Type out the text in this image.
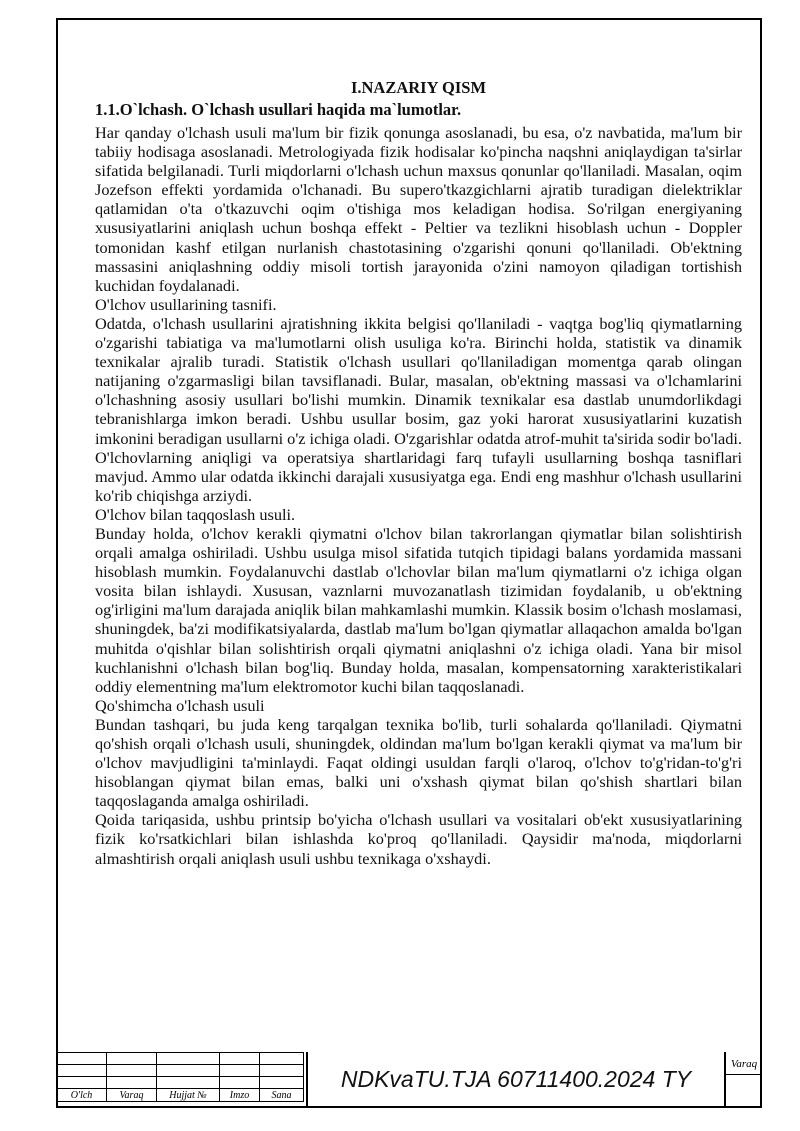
I.NAZARIY QISM

1.1.O`lchash. O`lchash usullari haqida ma`lumotlar.

Har qanday o'lchash usuli ma'lum bir fizik qonunga asoslanadi, bu esa, o'z navbatida, ma'lum bir tabiiy hodisaga asoslanadi. Metrologiyada fizik hodisalar ko'pincha naqshni aniqlaydigan ta'sirlar sifatida belgilanadi. Turli miqdorlarni o'lchash uchun maxsus qonunlar qo'llaniladi. Masalan, oqim Jozefson effekti yordamida o'lchanadi. Bu supero'tkazgichlarni ajratib turadigan dielektriklar qatlamidan o'ta o'tkazuvchi oqim o'tishiga mos keladigan hodisa. So'rilgan energiyaning xususiyatlarini aniqlash uchun boshqa effekt - Peltier va tezlikni hisoblash uchun - Doppler tomonidan kashf etilgan nurlanish chastotasining o'zgarishi qonuni qo'llaniladi. Ob'ektning massasini aniqlashning oddiy misoli tortish jarayonida o'zini namoyon qiladigan tortishish kuchidan foydalanadi.

O'lchov usullarining tasnifi.

Odatda, o'lchash usullarini ajratishning ikkita belgisi qo'llaniladi - vaqtga bog'liq qiymatlarning o'zgarishi tabiatiga va ma'lumotlarni olish usuliga ko'ra. Birinchi holda, statistik va dinamik texnikalar ajralib turadi. Statistik o'lchash usullari qo'llaniladigan momentga qarab olingan natijaning o'zgarmasligi bilan tavsiflanadi. Bular, masalan, ob'ektning massasi va o'lchamlarini o'lchashning asosiy usullari bo'lishi mumkin. Dinamik texnikalar esa dastlab unumdorlikdagi tebranishlarga imkon beradi. Ushbu usullar bosim, gaz yoki harorat xususiyatlarini kuzatish imkonini beradigan usullarni o'z ichiga oladi. O'zgarishlar odatda atrof-muhit ta'sirida sodir bo'ladi. O'lchovlarning aniqligi va operatsiya shartlaridagi farq tufayli usullarning boshqa tasniflari mavjud. Ammo ular odatda ikkinchi darajali xususiyatga ega. Endi eng mashhur o'lchash usullarini ko'rib chiqishga arziydi.

O'lchov bilan taqqoslash usuli.

Bunday holda, o'lchov kerakli qiymatni o'lchov bilan takrorlangan qiymatlar bilan solishtirish orqali amalga oshiriladi. Ushbu usulga misol sifatida tutqich tipidagi balans yordamida massani hisoblash mumkin. Foydalanuvchi dastlab o'lchovlar bilan ma'lum qiymatlarni o'z ichiga olgan vosita bilan ishlaydi. Xususan, vaznlarni muvozanatlash tizimidan foydalanib, u ob'ektning og'irligini ma'lum darajada aniqlik bilan mahkamlashi mumkin. Klassik bosim o'lchash moslamasi, shuningdek, ba'zi modifikatsiyalarda, dastlab ma'lum bo'lgan qiymatlar allaqachon amalda bo'lgan muhitda o'qishlar bilan solishtirish orqali qiymatni aniqlashni o'z ichiga oladi. Yana bir misol kuchlanishni o'lchash bilan bog'liq. Bunday holda, masalan, kompensatorning xarakteristikalari oddiy elementning ma'lum elektromotor kuchi bilan taqqoslanadi.

Qo'shimcha o'lchash usuli

Bundan tashqari, bu juda keng tarqalgan texnika bo'lib, turli sohalarda qo'llaniladi. Qiymatni qo'shish orqali o'lchash usuli, shuningdek, oldindan ma'lum bo'lgan kerakli qiymat va ma'lum bir o'lchov mavjudligini ta'minlaydi. Faqat oldingi usuldan farqli o'laroq, o'lchov to'g'ridan-to'g'ri hisoblangan qiymat bilan emas, balki uni o'xshash qiymat bilan qo'shish shartlari bilan taqqoslaganda amalga oshiriladi.

Qoida tariqasida, ushbu printsip bo'yicha o'lchash usullari va vositalari ob'ekt xususiyatlarining fizik ko'rsatkichlari bilan ishlashda ko'proq qo'llaniladi. Qaysidir ma'noda, miqdorlarni almashtirish orqali aniqlash usuli ushbu texnikaga o'xshaydi.

O'lch	Varaq	Hujjat №	Imzo	Sana
NDKvaTU.TJA 60711400.2024 TY
Varaq
